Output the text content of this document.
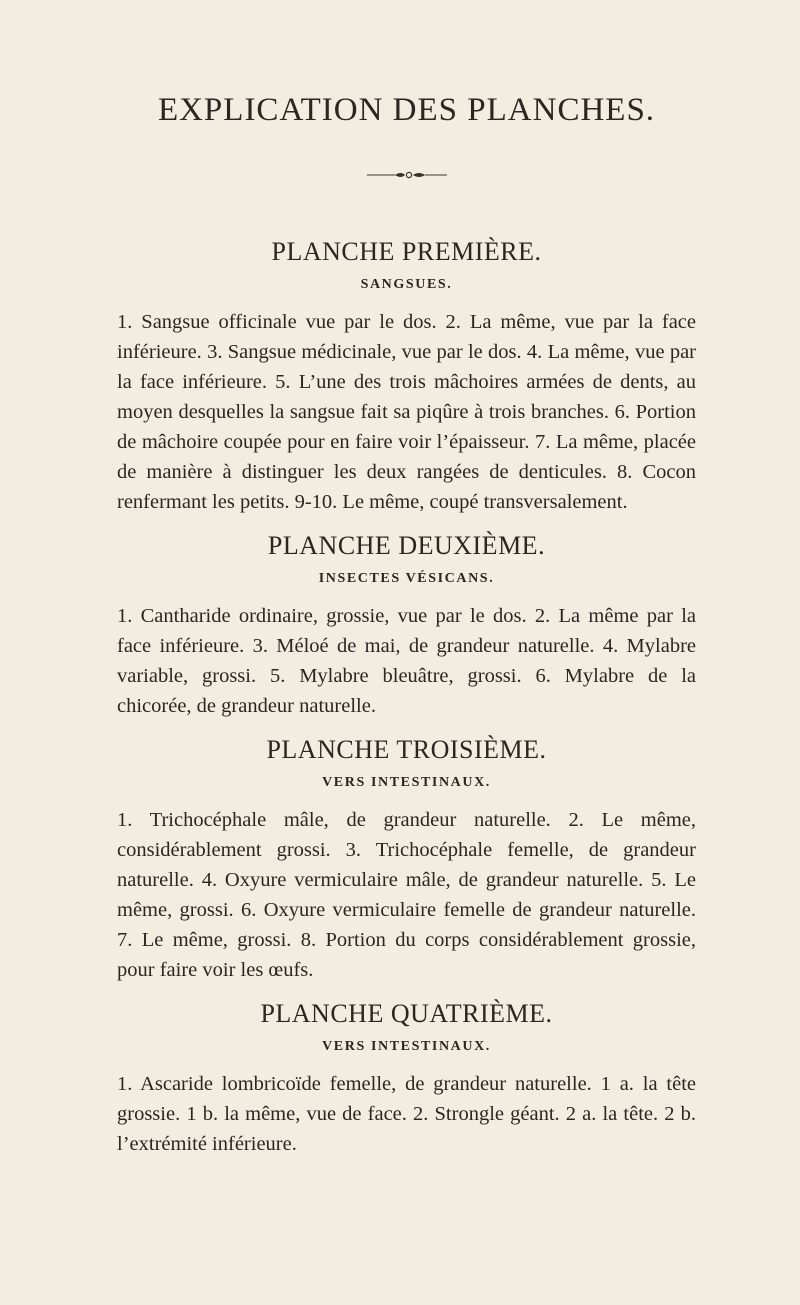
EXPLICATION DES PLANCHES.
PLANCHE PREMIÈRE.
SANGSUES.

1. Sangsue officinale vue par le dos. 2. La même, vue par la face inférieure. 3. Sangsue médicinale, vue par le dos. 4. La même, vue par la face inférieure. 5. L’une des trois mâchoires armées de dents, au moyen desquelles la sangsue fait sa piqûre à trois branches. 6. Portion de mâchoire coupée pour en faire voir l’épaisseur. 7. La même, placée de manière à distinguer les deux rangées de denticules. 8. Cocon renfermant les petits. 9-10. Le même, coupé transversalement.

PLANCHE DEUXIÈME.
INSECTES VÉSICANS.

1. Cantharide ordinaire, grossie, vue par le dos. 2. La même par la face inférieure. 3. Méloé de mai, de grandeur naturelle. 4. Mylabre variable, grossi. 5. Mylabre bleuâtre, grossi. 6. Mylabre de la chicorée, de grandeur naturelle.

PLANCHE TROISIÈME.
VERS INTESTINAUX.

1. Trichocéphale mâle, de grandeur naturelle. 2. Le même, considérablement grossi. 3. Trichocéphale femelle, de grandeur naturelle. 4. Oxyure vermiculaire mâle, de grandeur naturelle. 5. Le même, grossi. 6. Oxyure vermiculaire femelle de grandeur naturelle. 7. Le même, grossi. 8. Portion du corps considérablement grossie, pour faire voir les œufs.

PLANCHE QUATRIÈME.
VERS INTESTINAUX.

1. Ascaride lombricoïde femelle, de grandeur naturelle. 1 a. la tête grossie. 1 b. la même, vue de face. 2. Strongle géant. 2 a. la tête. 2 b. l’extrémité inférieure.
